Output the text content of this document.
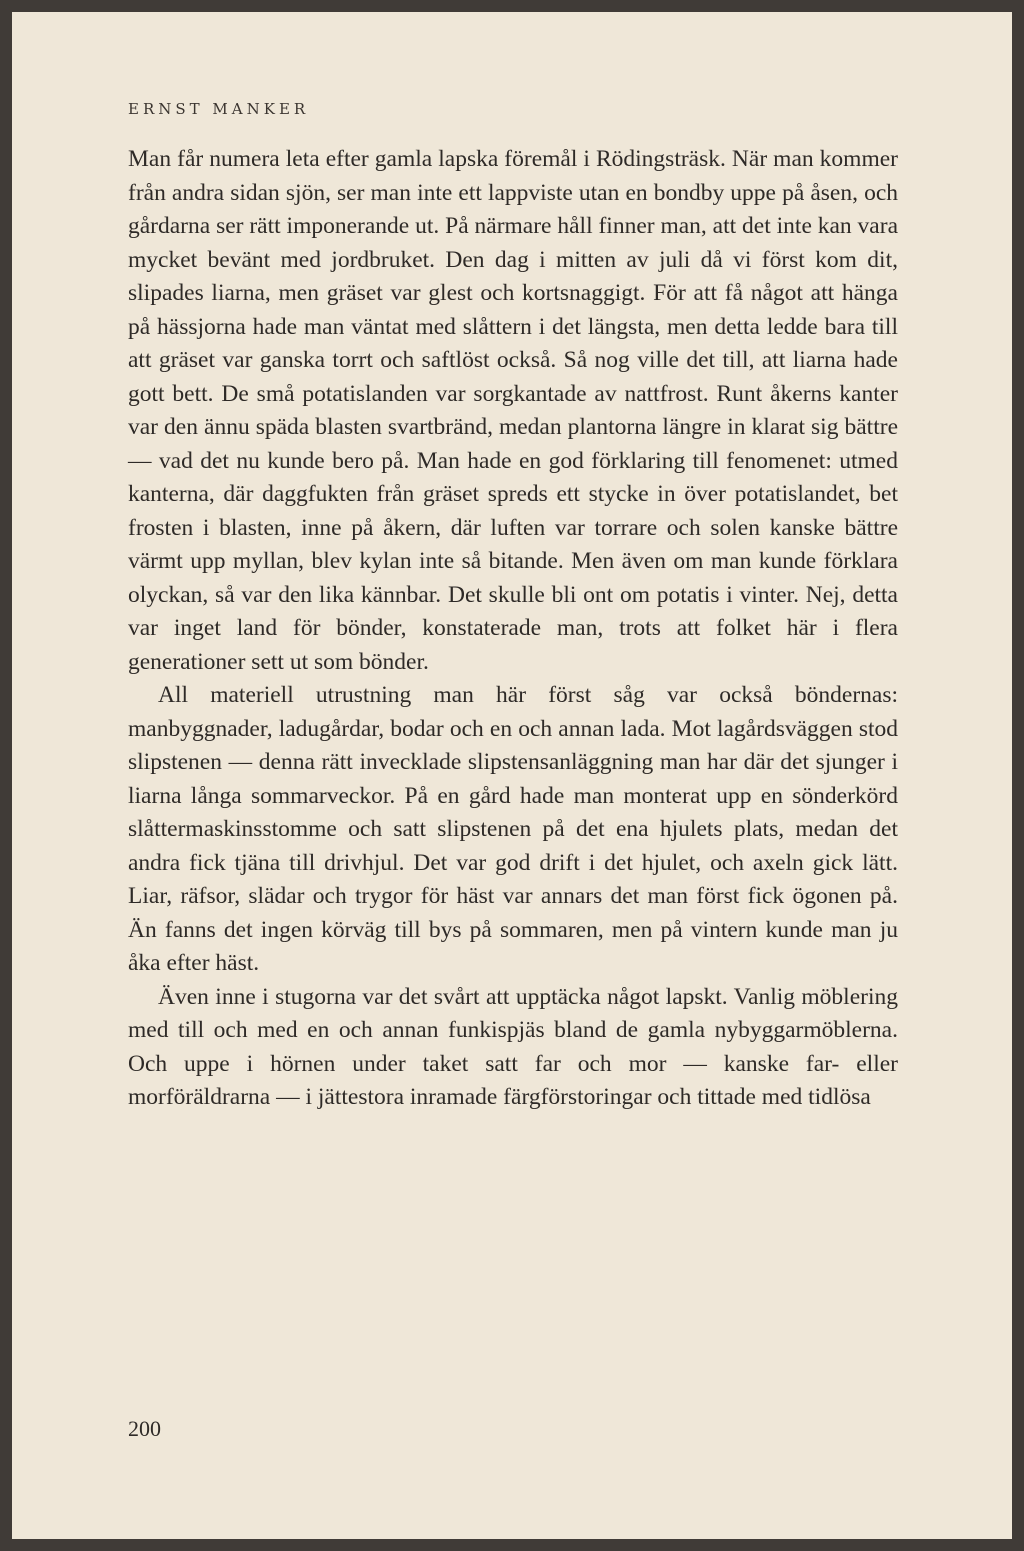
ERNST MANKER

Man får numera leta efter gamla lapska föremål i Rödingsträsk. När man kommer från andra sidan sjön, ser man inte ett lappviste utan en bondby uppe på åsen, och gårdarna ser rätt imponerande ut. På närmare håll finner man, att det inte kan vara mycket bevänt med jordbruket. Den dag i mitten av juli då vi först kom dit, slipades liarna, men gräset var glest och kortsnaggigt. För att få något att hänga på hässjorna hade man väntat med slåttern i det längsta, men detta ledde bara till att gräset var ganska torrt och saftlöst också. Så nog ville det till, att liarna hade gott bett. De små potatislanden var sorgkantade av nattfrost. Runt åkerns kanter var den ännu späda blasten svartbränd, medan plantorna längre in klarat sig bättre — vad det nu kunde bero på. Man hade en god förklaring till fenomenet: utmed kanterna, där daggfukten från gräset spreds ett stycke in över potatislandet, bet frosten i blasten, inne på åkern, där luften var torrare och solen kanske bättre värmt upp myllan, blev kylan inte så bitande. Men även om man kunde förklara olyckan, så var den lika kännbar. Det skulle bli ont om potatis i vinter. Nej, detta var inget land för bönder, konstaterade man, trots att folket här i flera generationer sett ut som bönder.

All materiell utrustning man här först såg var också böndernas: manbyggnader, ladugårdar, bodar och en och annan lada. Mot lagårdsväggen stod slipstenen — denna rätt invecklade slipstensanläggning man har där det sjunger i liarna långa sommarveckor. På en gård hade man monterat upp en sönderkörd slåttermaskinsstomme och satt slipstenen på det ena hjulets plats, medan det andra fick tjäna till drivhjul. Det var god drift i det hjulet, och axeln gick lätt. Liar, räfsor, slädar och trygor för häst var annars det man först fick ögonen på. Än fanns det ingen körväg till bys på sommaren, men på vintern kunde man ju åka efter häst.

Även inne i stugorna var det svårt att upptäcka något lapskt. Vanlig möblering med till och med en och annan funkispjäs bland de gamla nybyggarmöblerna. Och uppe i hörnen under taket satt far och mor — kanske far- eller morföräldrarna — i jättestora inramade färgförstoringar och tittade med tidlösa

200
